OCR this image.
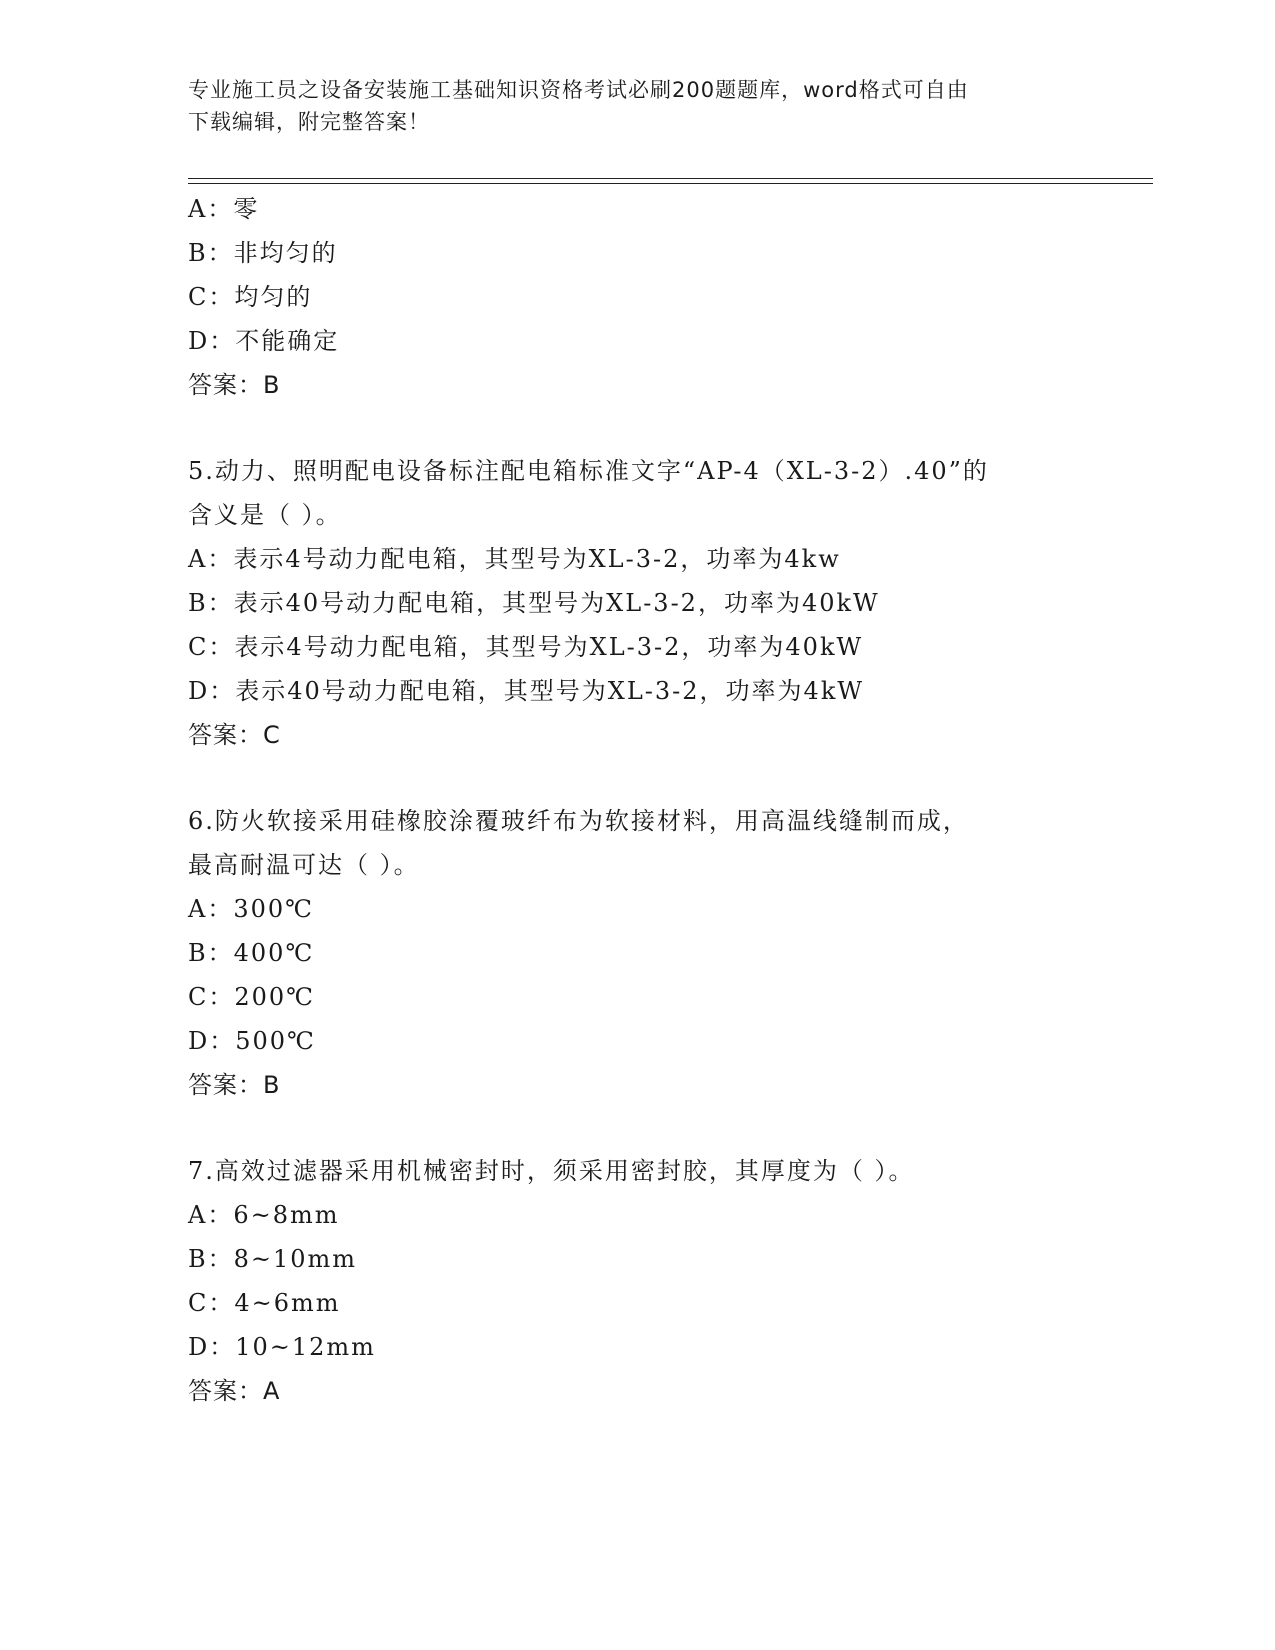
专业施工员之设备安装施工基础知识资格考试必刷200题题库，word格式可自由
下载编辑，附完整答案！
A：零
B：非均匀的
C：均匀的
D：不能确定
答案：B
5.动力、照明配电设备标注配电箱标准文字“AP-4（XL-3-2）.40”的
含义是（ ）。
A：表示4号动力配电箱，其型号为XL-3-2，功率为4kw
B：表示40号动力配电箱，其型号为XL-3-2，功率为40kW
C：表示4号动力配电箱，其型号为XL-3-2，功率为40kW
D：表示40号动力配电箱，其型号为XL-3-2，功率为4kW
答案：C
6.防火软接采用硅橡胶涂覆玻纤布为软接材料，用高温线缝制而成，
最高耐温可达（ ）。
A：300℃
B：400℃
C：200℃
D：500℃
答案：B
7.高效过滤器采用机械密封时，须采用密封胶，其厚度为（ ）。
A：6~8mm
B：8~10mm
C：4~6mm
D：10~12mm
答案：A
